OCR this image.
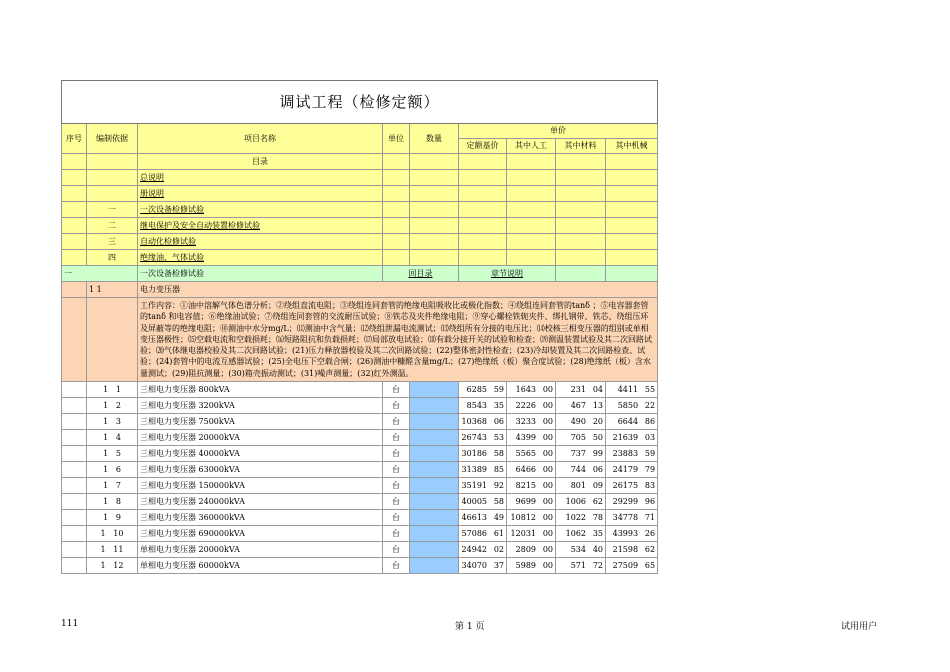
调试工程（检修定额）								
序号	编制依据	项目名称	单位	数量	单价			
					定额基价	其中人工	其中材料	其中机械
		目录						
		总说明						
		册说明						
	一	一次设备检修试验						
	二	继电保护及安全自动装置检修试验						
	三	自动化检修试验						
	四	绝缘油、气体试验						
一		一次设备检修试验	回目录		章节说明			
	1 1	电力变压器						
		工作内容：①油中溶解气体色谱分析；②绕组直流电阻；③绕组连同套管的绝缘电阻吸收比或极化指数；④绕组连同套管的tanδ ；⑤电容器套管的tanδ 和电容值；⑥绝缘油试验；⑦绕组连同套管的交流耐压试验；⑧铁芯及夹件绝缘电阻；⑨穿心螺栓铁轭夹件、绑扎钢带、铁芯、绕组压环及屏蔽等的绝缘电阻；⑩测油中水分mg/L；⑾测油中含气量；⑿绕组泄漏电流测试；⒀绕组所有分接的电压比；⒁校核三相变压器的组别或单相变压器极性；⒂空载电流和空载损耗；⒃短路阻抗和负载损耗；⒄局部放电试验；⒅有载分接开关的试验和检查；⒆测温装置试验及其二次回路试验；⒇气体继电器校验及其二次回路试验；(21)压力释放器校验及其二次回路试验；(22)整体密封性检查；(23)冷却装置及其二次回路检查、试验；(24)套管中的电流互感器试验；(25)全电压下空载合闸；(26)测油中糠醛含量mg/L；(27)绝缘纸（板）聚合度试验；(28)绝缘纸（板）含水量测试；(29)阻抗测量；(30)箱壳振动测试；(31)噪声测量；(32)红外测温。						
	1 1	三相电力变压器 800kVA	台		6285 59	1643 00	231 04	4411 55

	1 2	三相电力变压器 3200kVA	台		8543 35	2226 00	467 13	5850 22

	1 3	三相电力变压器 7500kVA	台		10368 06	3233 00	490 20	6644 86

	1 4	三相电力变压器 20000kVA	台		26743 53	4399 00	705 50	21639 03

	1 5	三相电力变压器 40000kVA	台		30186 58	5565 00	737 99	23883 59

	1 6	三相电力变压器 63000kVA	台		31389 85	6466 00	744 06	24179 79

	1 7	三相电力变压器 150000kVA	台		35191 92	8215 00	801 09	26175 83

	1 8	三相电力变压器 240000kVA	台		40005 58	9699 00	1006 62	29299 96

	1 9	三相电力变压器 360000kVA	台		46613 49	10812 00	1022 78	34778 71

	1 10	三相电力变压器 690000kVA	台		57086 61	12031 00	1062 35	43993 26

	1 11	单相电力变压器 20000kVA	台		24942 02	2809 00	534 40	21598 62

	1 12	单相电力变压器 60000kVA	台		34070 37	5989 00	571 72	27509 65
111	第 1 页	试用用户
